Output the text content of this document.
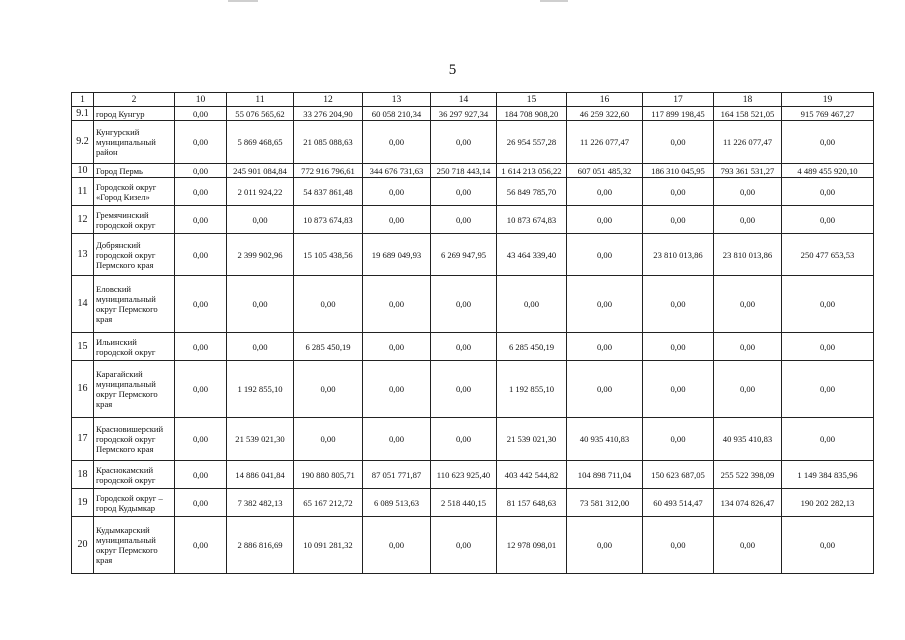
5
1	2	10	11	12	13	14	15	16	17	18	19
9.1	город Кунгур	0,00	55 076 565,62	33 276 204,90	60 058 210,34	36 297 927,34	184 708 908,20	46 259 322,60	117 899 198,45	164 158 521,05	915 769 467,27
9.2	Кунгурский муниципальный район	0,00	5 869 468,65	21 085 088,63	0,00	0,00	26 954 557,28	11 226 077,47	0,00	11 226 077,47	0,00
10	Город Пермь	0,00	245 901 084,84	772 916 796,61	344 676 731,63	250 718 443,14	1 614 213 056,22	607 051 485,32	186 310 045,95	793 361 531,27	4 489 455 920,10
11	Городской округ «Город Кизел»	0,00	2 011 924,22	54 837 861,48	0,00	0,00	56 849 785,70	0,00	0,00	0,00	0,00
12	Гремячинский городской округ	0,00	0,00	10 873 674,83	0,00	0,00	10 873 674,83	0,00	0,00	0,00	0,00
13	Добрянский городской округ Пермского края	0,00	2 399 902,96	15 105 438,56	19 689 049,93	6 269 947,95	43 464 339,40	0,00	23 810 013,86	23 810 013,86	250 477 653,53
14	Еловский муниципальный округ Пермского края	0,00	0,00	0,00	0,00	0,00	0,00	0,00	0,00	0,00	0,00
15	Ильинский городской округ	0,00	0,00	6 285 450,19	0,00	0,00	6 285 450,19	0,00	0,00	0,00	0,00
16	Карагайский муниципальный округ Пермского края	0,00	1 192 855,10	0,00	0,00	0,00	1 192 855,10	0,00	0,00	0,00	0,00
17	Красновишерский городской округ Пермского края	0,00	21 539 021,30	0,00	0,00	0,00	21 539 021,30	40 935 410,83	0,00	40 935 410,83	0,00
18	Краснокамский городской округ	0,00	14 886 041,84	190 880 805,71	87 051 771,87	110 623 925,40	403 442 544,82	104 898 711,04	150 623 687,05	255 522 398,09	1 149 384 835,96
19	Городской округ – город Кудымкар	0,00	7 382 482,13	65 167 212,72	6 089 513,63	2 518 440,15	81 157 648,63	73 581 312,00	60 493 514,47	134 074 826,47	190 202 282,13
20	Кудымкарский муниципальный округ Пермского края	0,00	2 886 816,69	10 091 281,32	0,00	0,00	12 978 098,01	0,00	0,00	0,00	0,00
